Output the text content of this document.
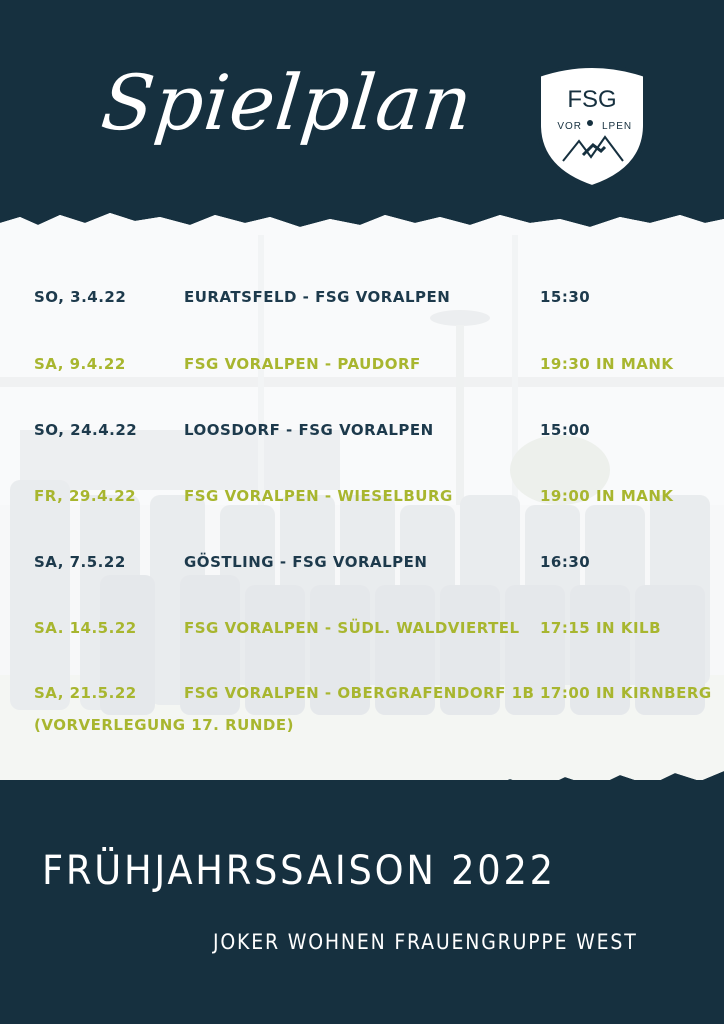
Spielplan	FSG
VOR LPEN
SO, 3.4.22	EURATSFELD - FSG VORALPEN	15:30
SA, 9.4.22	FSG VORALPEN - PAUDORF	19:30 IN MANK
SO, 24.4.22	LOOSDORF - FSG VORALPEN	15:00
FR, 29.4.22	FSG VORALPEN - WIESELBURG	19:00 IN MANK
SA, 7.5.22	GÖSTLING - FSG VORALPEN	16:30
SA. 14.5.22	FSG VORALPEN - SÜDL. WALDVIERTEL 17:15 IN KILB
SA, 21.5.22	FSG VORALPEN - OBERGRAFENDORF 1B 17:00 IN KIRNBERG
(VORVERLEGUNG 17. RUNDE)
FRÜHJAHRSSAISON 2022
JOKER WOHNEN FRAUENGRUPPE WEST
